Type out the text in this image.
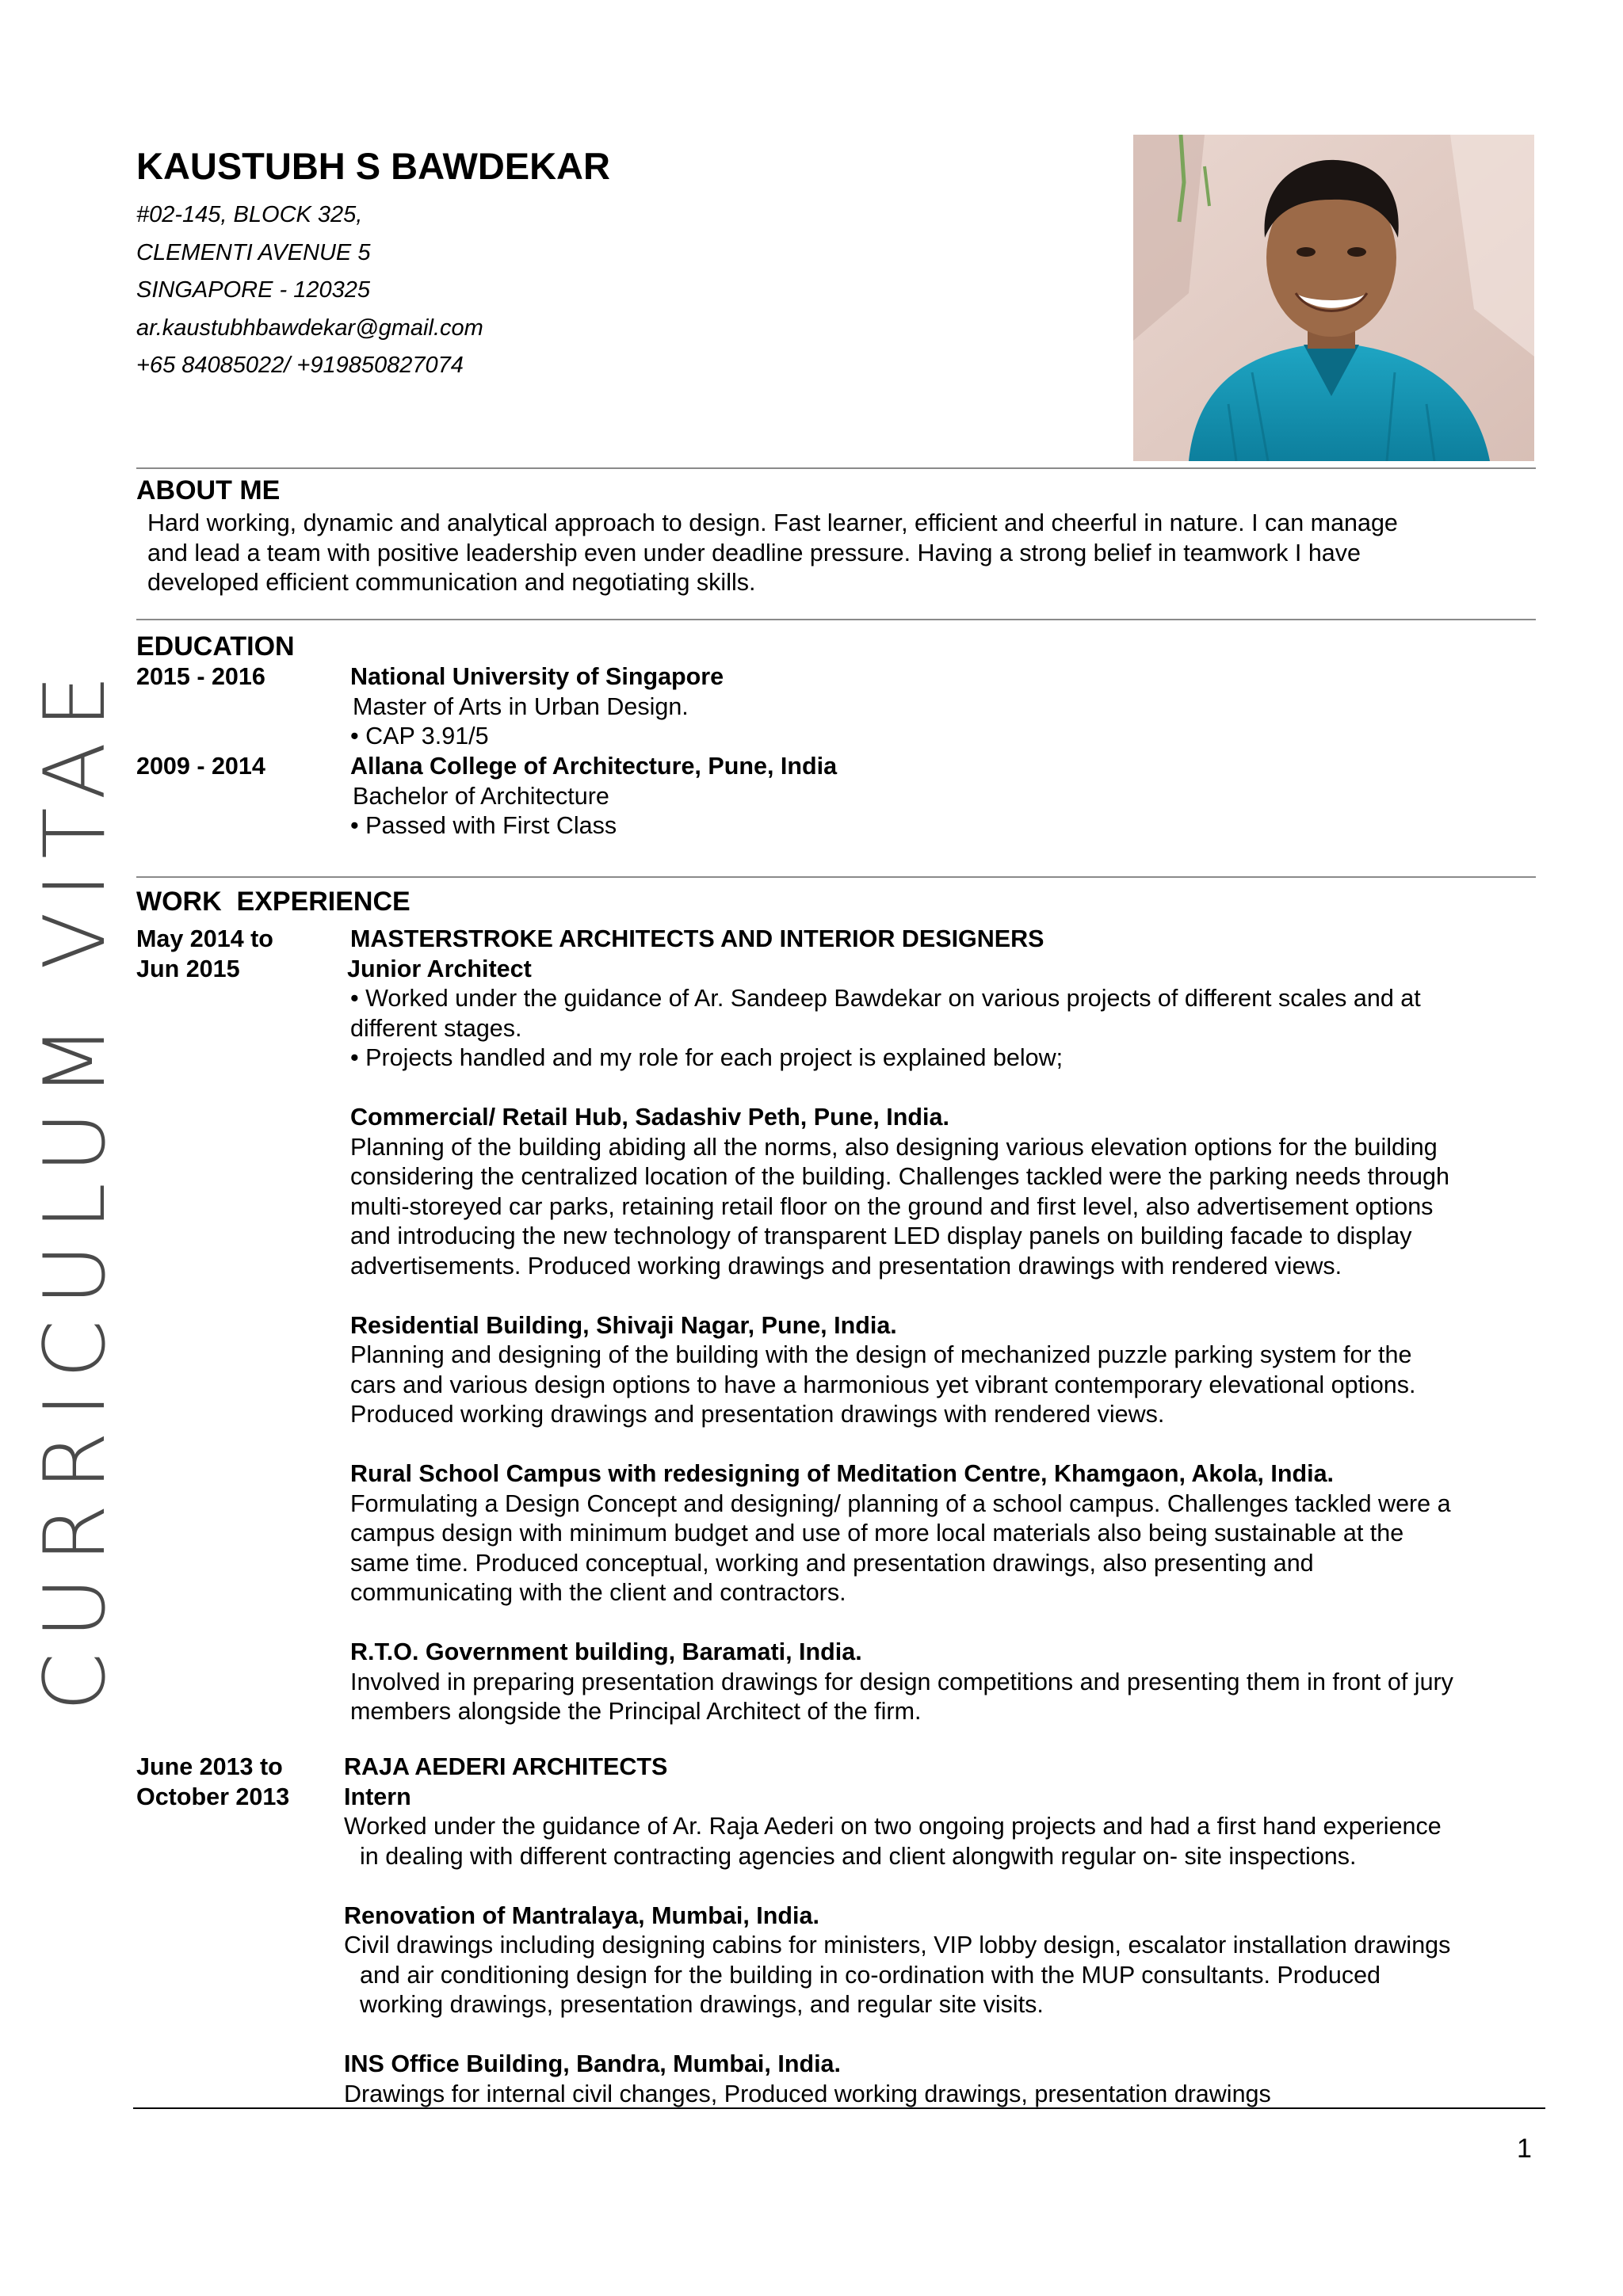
CURRICULUM VITAE
KAUSTUBH S BAWDEKAR
#02-145, BLOCK 325,
CLEMENTI AVENUE 5
SINGAPORE - 120325
ar.kaustubhbawdekar@gmail.com
+65 84085022/ +919850827074
ABOUT ME
Hard working, dynamic and analytical approach to design. Fast learner, efficient and cheerful in nature. I can manage
and lead a team with positive leadership even under deadline pressure. Having a strong belief in teamwork I have
developed efficient communication and negotiating skills.
EDUCATION
2015 - 2016	National University of Singapore
Master of Arts in Urban Design.
• CAP 3.91/5
2009 - 2014	Allana College of Architecture, Pune, India
Bachelor of Architecture
• Passed with First Class
WORK  EXPERIENCE
May 2014 to
Jun 2015
MASTERSTROKE ARCHITECTS AND INTERIOR DESIGNERS
Junior Architect
• Worked under the guidance of Ar. Sandeep Bawdekar on various projects of different scales and at
different stages.
• Projects handled and my role for each project is explained below;
Commercial/ Retail Hub, Sadashiv Peth, Pune, India.
Planning of the building abiding all the norms, also designing various elevation options for the building
considering the centralized location of the building. Challenges tackled were the parking needs through
multi-storeyed car parks, retaining retail floor on the ground and first level, also advertisement options
and introducing the new technology of transparent LED display panels on building facade to display
advertisements. Produced working drawings and presentation drawings with rendered views.
Residential Building, Shivaji Nagar, Pune, India.
Planning and designing of the building with the design of mechanized puzzle parking system for the
cars and various design options to have a harmonious yet vibrant contemporary elevational options.
Produced working drawings and presentation drawings with rendered views.
Rural School Campus with redesigning of Meditation Centre, Khamgaon, Akola, India.
Formulating a Design Concept and designing/ planning of a school campus. Challenges tackled were a
campus design with minimum budget and use of more local materials also being sustainable at the
same time. Produced conceptual, working and presentation drawings, also presenting and
communicating with the client and contractors.
R.T.O. Government building, Baramati, India.
Involved in preparing presentation drawings for design competitions and presenting them in front of jury
members alongside the Principal Architect of the firm.
June 2013 to
October 2013
RAJA AEDERI ARCHITECTS
Intern
Worked under the guidance of Ar. Raja Aederi on two ongoing projects and had a first hand experience
in dealing with different contracting agencies and client alongwith regular on- site inspections.
Renovation of Mantralaya, Mumbai, India.
Civil drawings including designing cabins for ministers, VIP lobby design, escalator installation drawings
and air conditioning design for the building in co-ordination with the MUP consultants. Produced
working drawings, presentation drawings, and regular site visits.
INS Office Building, Bandra, Mumbai, India.
Drawings for internal civil changes, Produced working drawings, presentation drawings
1
